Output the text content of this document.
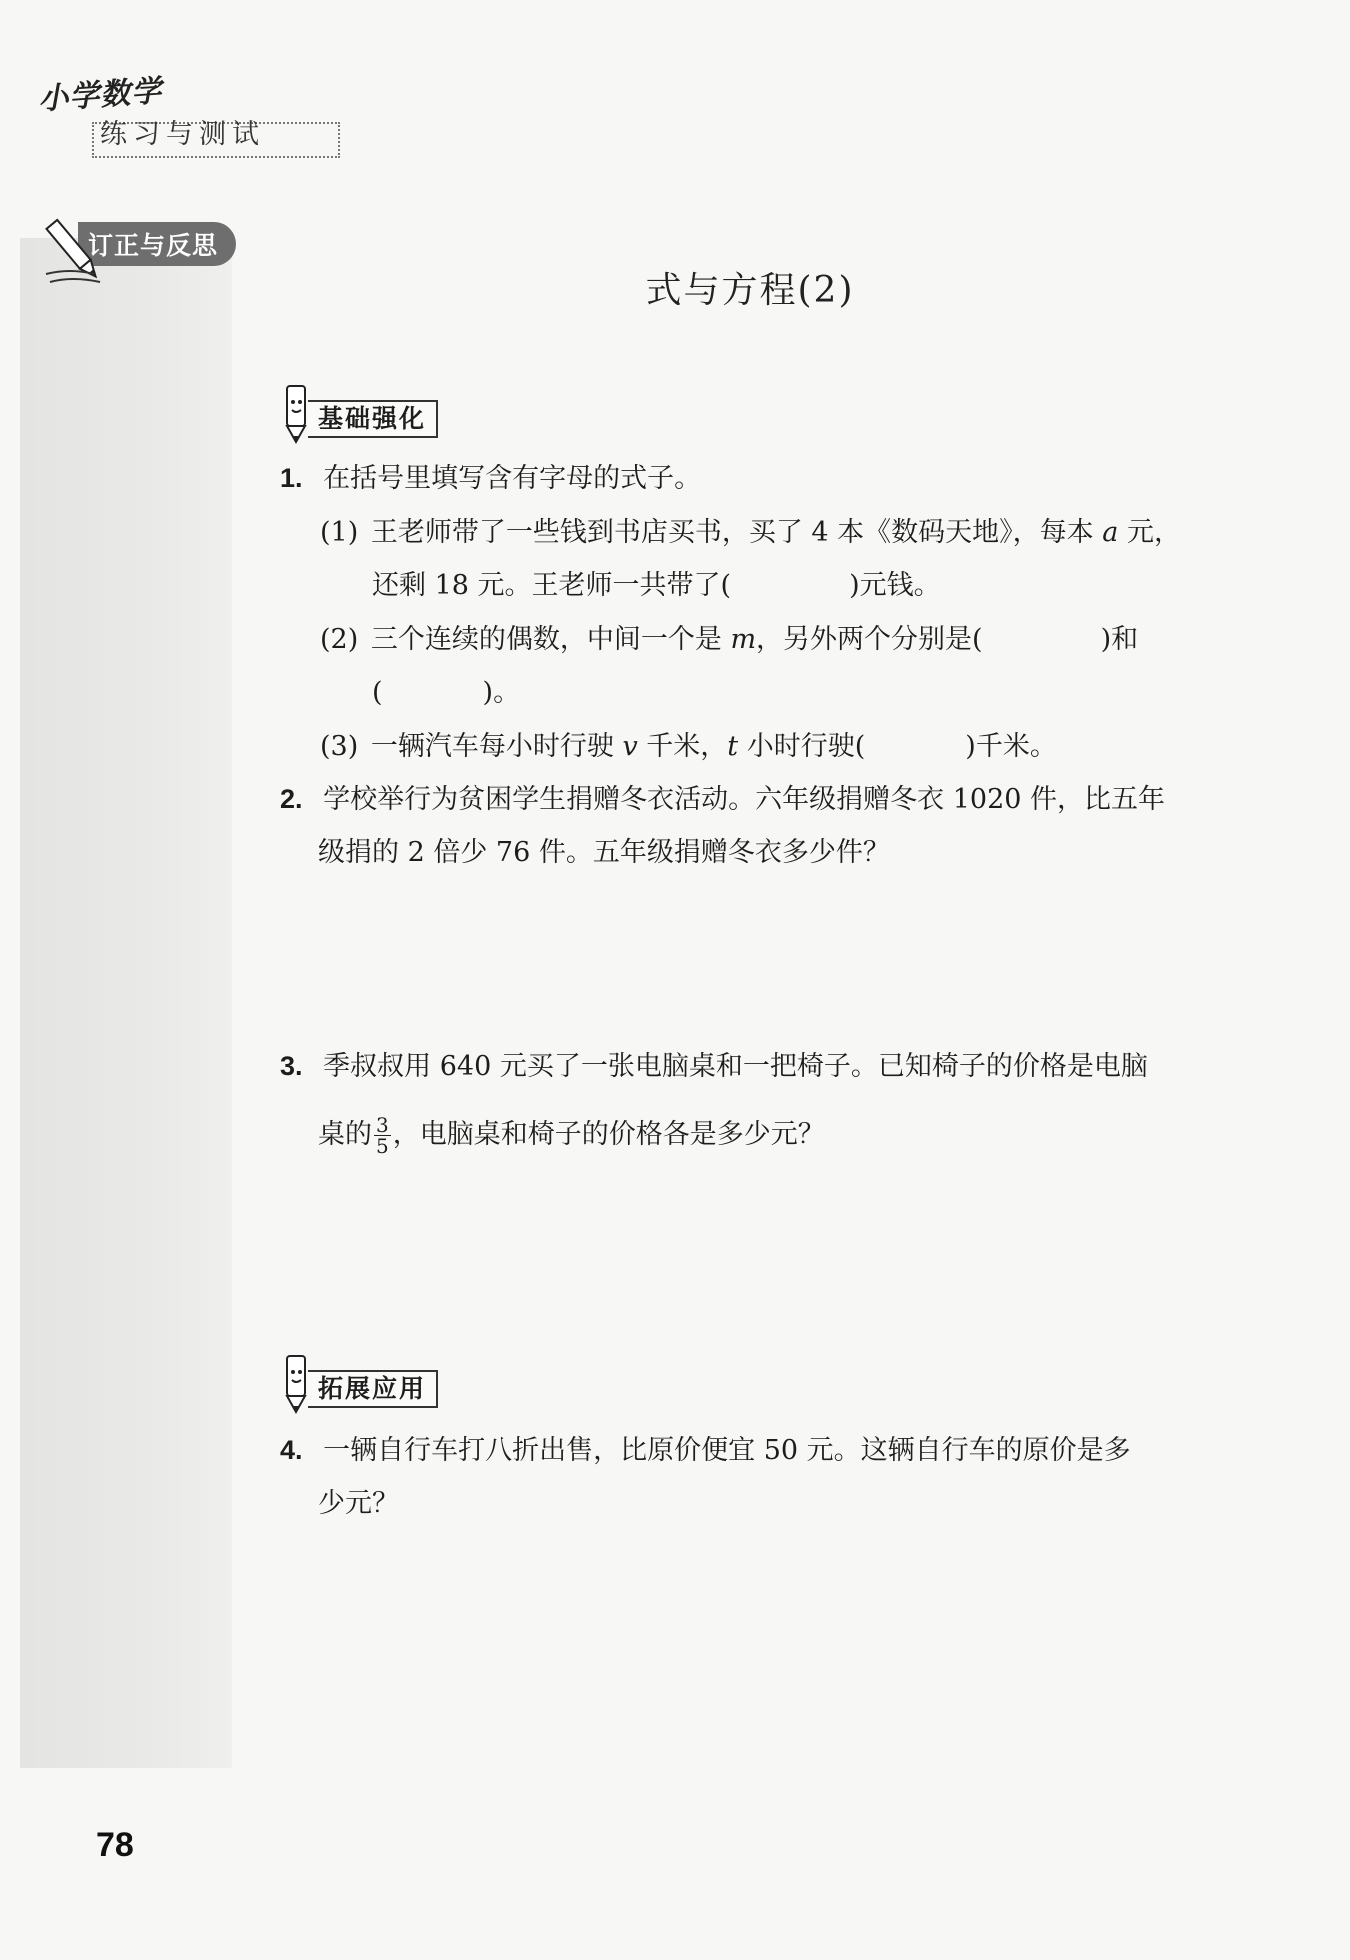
小学数学
练习与测试
订正与反思
式与方程(2)
基础强化
1. 在括号里填写含有字母的式子。
(1) 王老师带了一些钱到书店买书，买了 4 本《数码天地》，每本 a 元，
还剩 18 元。王老师一共带了(	)元钱。
(2) 三个连续的偶数，中间一个是 m，另外两个分别是(	)和
(	)。
(3) 一辆汽车每小时行驶 v 千米，t 小时行驶(	)千米。
2. 学校举行为贫困学生捐赠冬衣活动。六年级捐赠冬衣 1020 件，比五年
级捐的 2 倍少 76 件。五年级捐赠冬衣多少件？
3. 季叔叔用 640 元买了一张电脑桌和一把椅子。已知椅子的价格是电脑
桌的 $\frac{3}{5}$ ，电脑桌和椅子的价格各是多少元？
拓展应用
4. 一辆自行车打八折出售，比原价便宜 50 元。这辆自行车的原价是多
少元？
78
